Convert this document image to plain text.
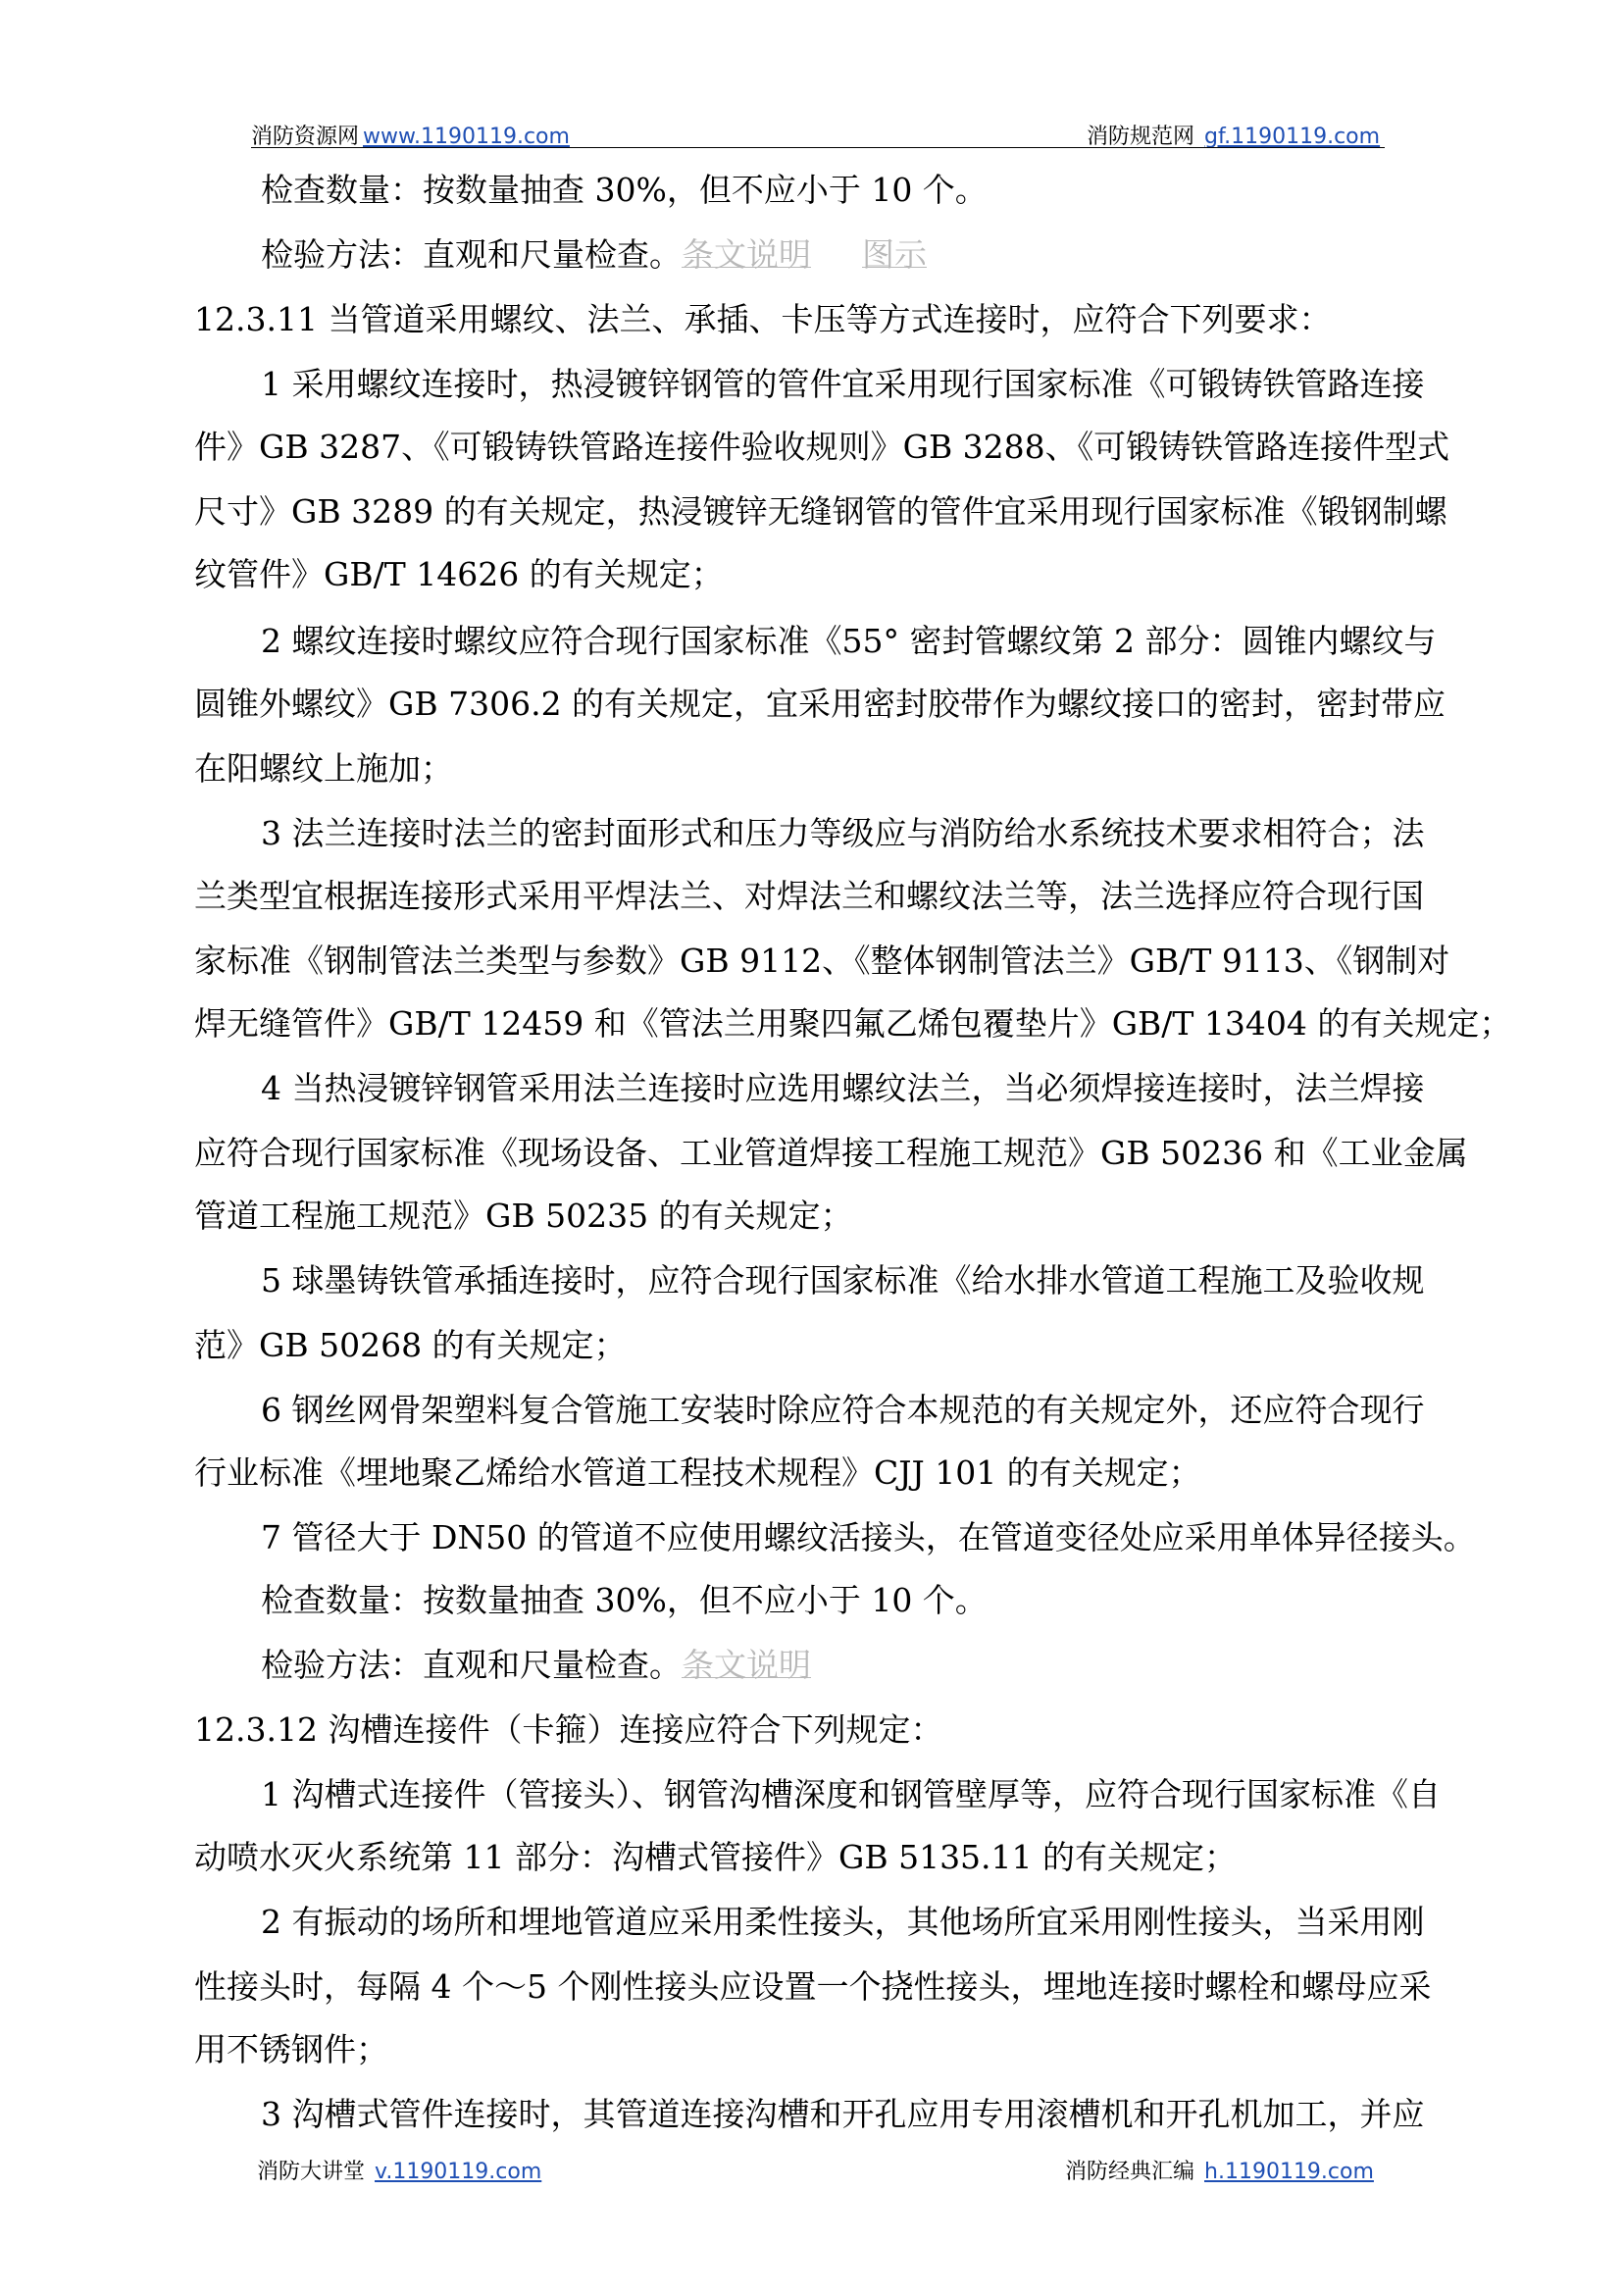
消防资源网 www.1190119.com	消防规范网 gf.1190119.com
检查数量：按数量抽查 30%，但不应小于 10 个。
检验方法：直观和尺量检查。条文说明 图示
12.3.11 当管道采用螺纹、法兰、承插、卡压等方式连接时，应符合下列要求：
1 采用螺纹连接时，热浸镀锌钢管的管件宜采用现行国家标准《可锻铸铁管路连接
件》GB 3287、《可锻铸铁管路连接件验收规则》GB 3288、《可锻铸铁管路连接件型式
尺寸》GB 3289 的有关规定，热浸镀锌无缝钢管的管件宜采用现行国家标准《锻钢制螺
纹管件》GB/T 14626 的有关规定；
2 螺纹连接时螺纹应符合现行国家标准《55° 密封管螺纹第 2 部分：圆锥内螺纹与
圆锥外螺纹》GB 7306.2 的有关规定，宜采用密封胶带作为螺纹接口的密封，密封带应
在阳螺纹上施加；
3 法兰连接时法兰的密封面形式和压力等级应与消防给水系统技术要求相符合；法
兰类型宜根据连接形式采用平焊法兰、对焊法兰和螺纹法兰等，法兰选择应符合现行国
家标准《钢制管法兰类型与参数》GB 9112、《整体钢制管法兰》GB/T 9113、《钢制对
焊无缝管件》GB/T 12459 和《管法兰用聚四氟乙烯包覆垫片》GB/T 13404 的有关规定；
4 当热浸镀锌钢管采用法兰连接时应选用螺纹法兰，当必须焊接连接时，法兰焊接
应符合现行国家标准《现场设备、工业管道焊接工程施工规范》GB 50236 和《工业金属
管道工程施工规范》GB 50235 的有关规定；
5 球墨铸铁管承插连接时，应符合现行国家标准《给水排水管道工程施工及验收规
范》GB 50268 的有关规定；
6 钢丝网骨架塑料复合管施工安装时除应符合本规范的有关规定外，还应符合现行
行业标准《埋地聚乙烯给水管道工程技术规程》CJJ 101 的有关规定；
7 管径大于 DN50 的管道不应使用螺纹活接头，在管道变径处应采用单体异径接头。
检查数量：按数量抽查 30%，但不应小于 10 个。
检验方法：直观和尺量检查。条文说明
12.3.12 沟槽连接件（卡箍）连接应符合下列规定：
1 沟槽式连接件（管接头）、钢管沟槽深度和钢管壁厚等，应符合现行国家标准《自
动喷水灭火系统第 11 部分：沟槽式管接件》GB 5135.11 的有关规定；
2 有振动的场所和埋地管道应采用柔性接头，其他场所宜采用刚性接头，当采用刚
性接头时，每隔 4 个～5 个刚性接头应设置一个挠性接头，埋地连接时螺栓和螺母应采
用不锈钢件；
3 沟槽式管件连接时，其管道连接沟槽和开孔应用专用滚槽机和开孔机加工，并应
消防大讲堂 v.1190119.com	消防经典汇编 h.1190119.com
